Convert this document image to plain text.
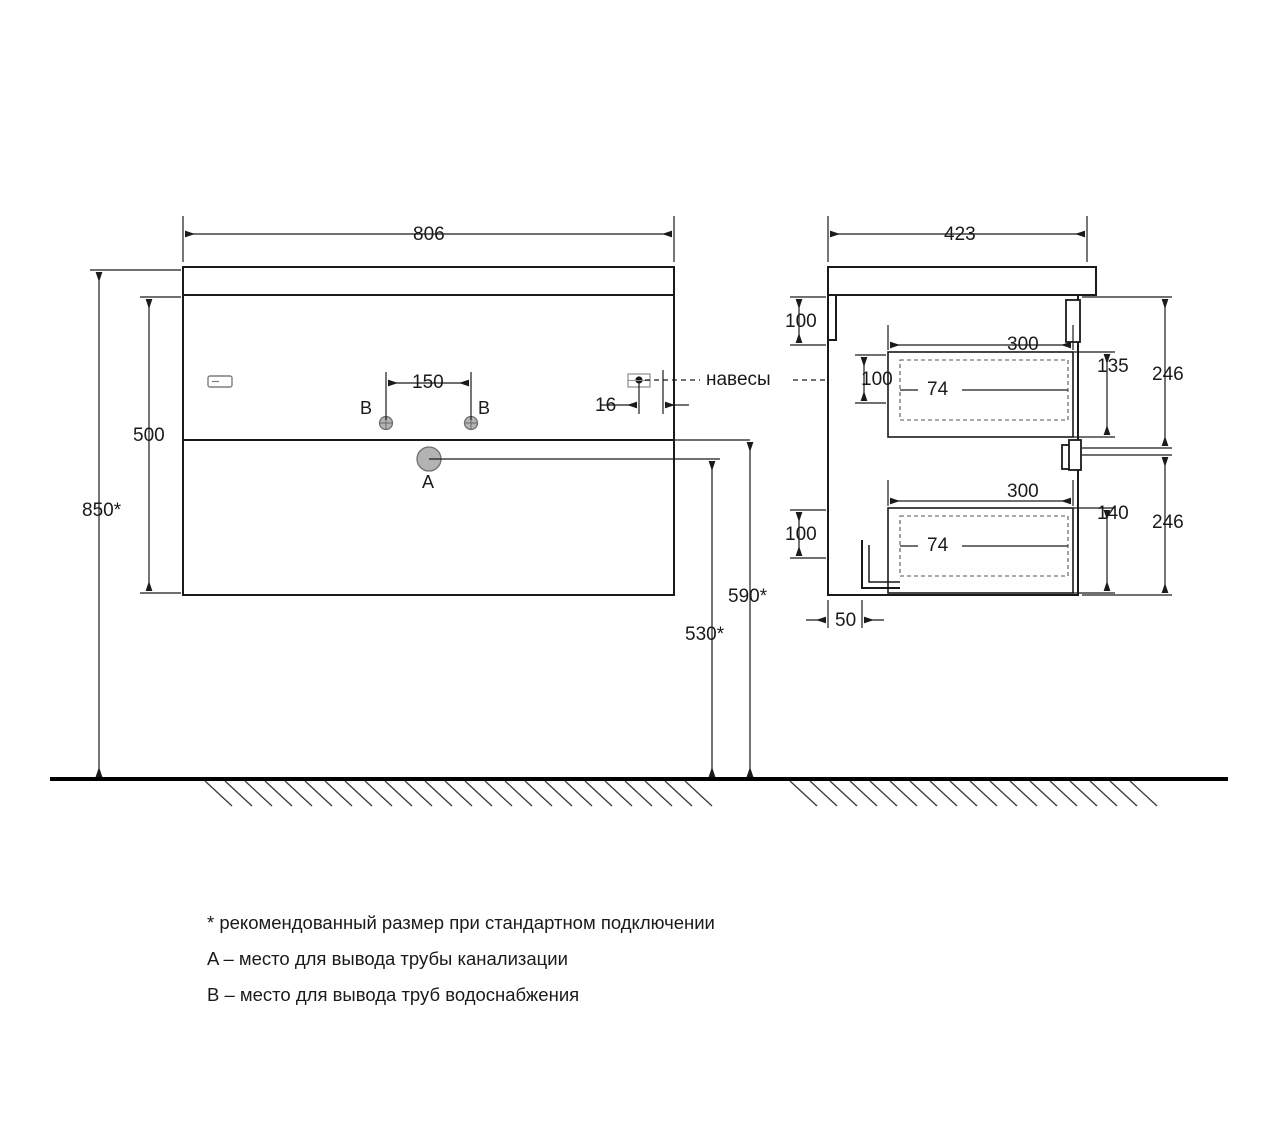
806
500
850*
150
16
590*
530*
B	B
A
навесы
423
100
100
100
300
300
74
74
135
140
246
246
50
* рекомендованный размер при стандартном подключении
A – место для вывода трубы канализации
B – место для вывода труб водоснабжения
